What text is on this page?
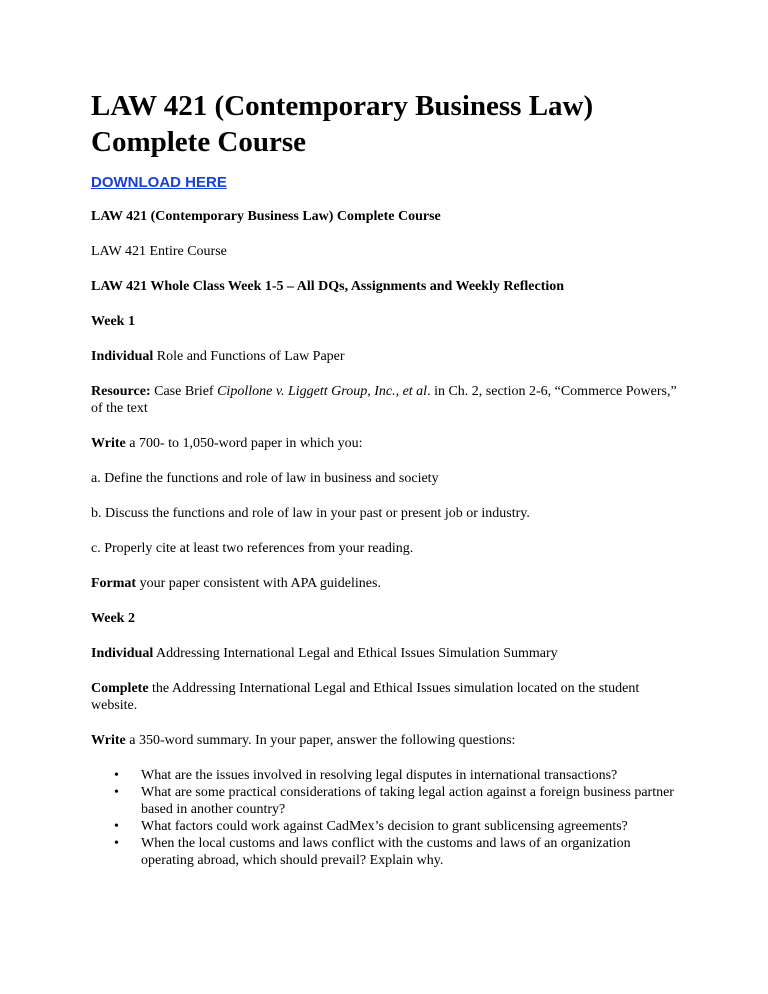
LAW 421 (Contemporary Business Law) Complete Course
DOWNLOAD HERE

LAW 421 (Contemporary Business Law) Complete Course

LAW 421 Entire Course

LAW 421 Whole Class Week 1-5 – All DQs, Assignments and Weekly Reflection

Week 1

Individual Role and Functions of Law Paper

Resource: Case Brief Cipollone v. Liggett Group, Inc., et al. in Ch. 2, section 2-6, “Commerce Powers,” of the text

Write a 700- to 1,050-word paper in which you:

a. Define the functions and role of law in business and society

b. Discuss the functions and role of law in your past or present job or industry.

c. Properly cite at least two references from your reading.

Format your paper consistent with APA guidelines.

Week 2

Individual Addressing International Legal and Ethical Issues Simulation Summary

Complete the Addressing International Legal and Ethical Issues simulation located on the student website.

Write a 350-word summary. In your paper, answer the following questions:

• What are the issues involved in resolving legal disputes in international transactions?
• What are some practical considerations of taking legal action against a foreign business partner based in another country?
• What factors could work against CadMex’s decision to grant sublicensing agreements?
• When the local customs and laws conflict with the customs and laws of an organization operating abroad, which should prevail? Explain why.
